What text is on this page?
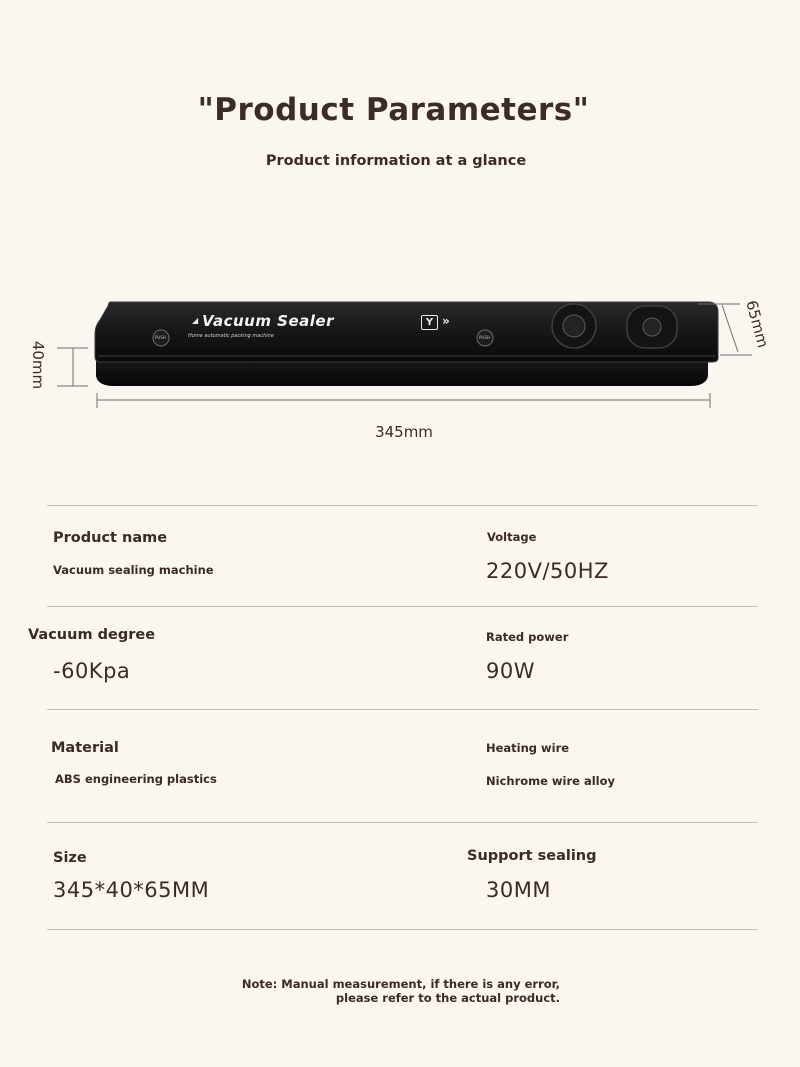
"Product Parameters"
Product information at a glance
PUSH	PUSH
◢ Vacuum Sealer	Y »
Home automatic packing machine
345mm
40mm
65mm
Product name
Vacuum sealing machine
Voltage
220V/50HZ
Vacuum degree
-60Kpa
Rated power
90W
Material
ABS engineering plastics
Heating wire
Nichrome wire alloy
Size
345*40*65MM
Support sealing
30MM
Note: Manual measurement, if there is any error,
please refer to the actual product.
